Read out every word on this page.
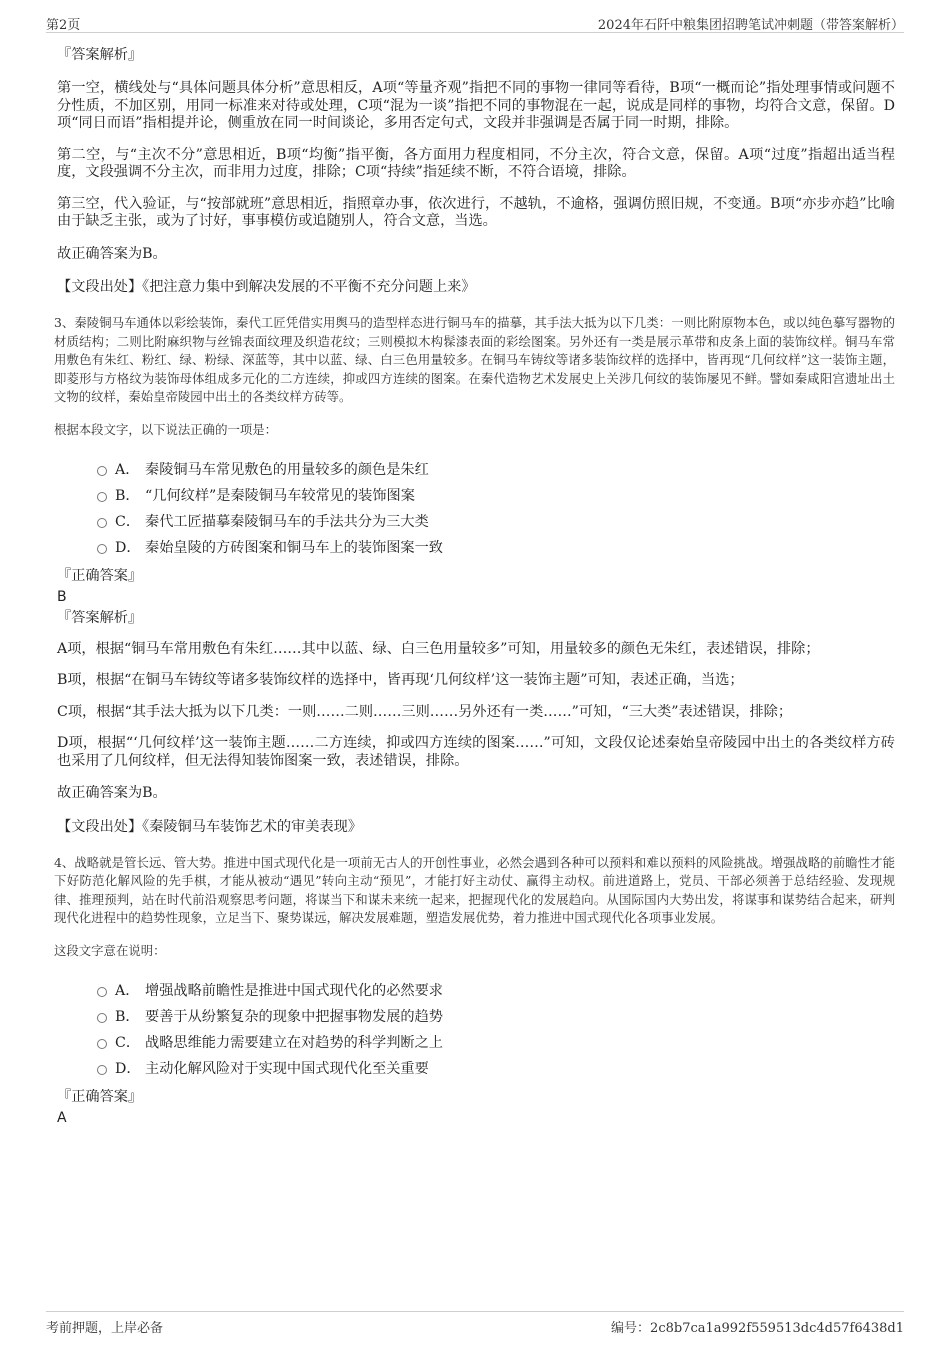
第2页	2024年石阡中粮集团招聘笔试冲刺题（带答案解析）

『答案解析』

第一空，横线处与“具体问题具体分析”意思相反，A项“等量齐观”指把不同的事物一律同等看待，B项“一概而论”指处理事情或问题不分性质，不加区别，用同一标准来对待或处理，C项“混为一谈”指把不同的事物混在一起，说成是同样的事物，均符合文意，保留。D项“同日而语”指相提并论，侧重放在同一时间谈论，多用否定句式，文段并非强调是否属于同一时期，排除。

第二空，与“主次不分”意思相近，B项“均衡”指平衡，各方面用力程度相同，不分主次，符合文意，保留。A项“过度”指超出适当程度，文段强调不分主次，而非用力过度，排除；C项“持续”指延续不断，不符合语境，排除。

第三空，代入验证，与“按部就班”意思相近，指照章办事，依次进行，不越轨，不逾格，强调仿照旧规，不变通。B项“亦步亦趋”比喻由于缺乏主张，或为了讨好，事事模仿或追随别人，符合文意，当选。

故正确答案为B。

【文段出处】《把注意力集中到解决发展的不平衡不充分问题上来》

3、秦陵铜马车通体以彩绘装饰，秦代工匠凭借实用舆马的造型样态进行铜马车的描摹，其手法大抵为以下几类：一则比附原物本色，或以纯色摹写器物的材质结构；二则比附麻织物与丝锦表面纹理及织造花纹；三则模拟木构髹漆表面的彩绘图案。另外还有一类是展示革带和皮条上面的装饰纹样。铜马车常用敷色有朱红、粉红、绿、粉绿、深蓝等，其中以蓝、绿、白三色用量较多。在铜马车铸纹等诸多装饰纹样的选择中，皆再现“几何纹样”这一装饰主题，即菱形与方格纹为装饰母体组成多元化的二方连续，抑或四方连续的图案。在秦代造物艺术发展史上关涉几何纹的装饰屡见不鲜。譬如秦咸阳宫遗址出土文物的纹样，秦始皇帝陵园中出土的各类纹样方砖等。

根据本段文字，以下说法正确的一项是：

A． 秦陵铜马车常见敷色的用量较多的颜色是朱红
B． “几何纹样”是秦陵铜马车较常见的装饰图案
C． 秦代工匠描摹秦陵铜马车的手法共分为三大类
D． 秦始皇陵的方砖图案和铜马车上的装饰图案一致

『正确答案』

B

『答案解析』

A项，根据“铜马车常用敷色有朱红……其中以蓝、绿、白三色用量较多”可知，用量较多的颜色无朱红，表述错误，排除；

B项，根据“在铜马车铸纹等诸多装饰纹样的选择中，皆再现‘几何纹样’这一装饰主题”可知，表述正确，当选；

C项，根据“其手法大抵为以下几类：一则……二则……三则……另外还有一类……”可知，“三大类”表述错误，排除；

D项，根据“‘几何纹样’这一装饰主题……二方连续，抑或四方连续的图案……”可知，文段仅论述秦始皇帝陵园中出土的各类纹样方砖也采用了几何纹样，但无法得知装饰图案一致，表述错误，排除。

故正确答案为B。

【文段出处】《秦陵铜马车装饰艺术的审美表现》

4、战略就是管长远、管大势。推进中国式现代化是一项前无古人的开创性事业，必然会遇到各种可以预料和难以预料的风险挑战。增强战略的前瞻性才能下好防范化解风险的先手棋，才能从被动“遇见”转向主动“预见”，才能打好主动仗、赢得主动权。前进道路上，党员、干部必须善于总结经验、发现规律、推理预判，站在时代前沿观察思考问题，将谋当下和谋未来统一起来，把握现代化的发展趋向。从国际国内大势出发，将谋事和谋势结合起来，研判现代化进程中的趋势性现象，立足当下、聚势谋远，解决发展难题，塑造发展优势，着力推进中国式现代化各项事业发展。

这段文字意在说明：

A． 增强战略前瞻性是推进中国式现代化的必然要求
B． 要善于从纷繁复杂的现象中把握事物发展的趋势
C． 战略思维能力需要建立在对趋势的科学判断之上
D． 主动化解风险对于实现中国式现代化至关重要

『正确答案』

A

考前押题，上岸必备	编号：2c8b7ca1a992f559513dc4d57f6438d1
